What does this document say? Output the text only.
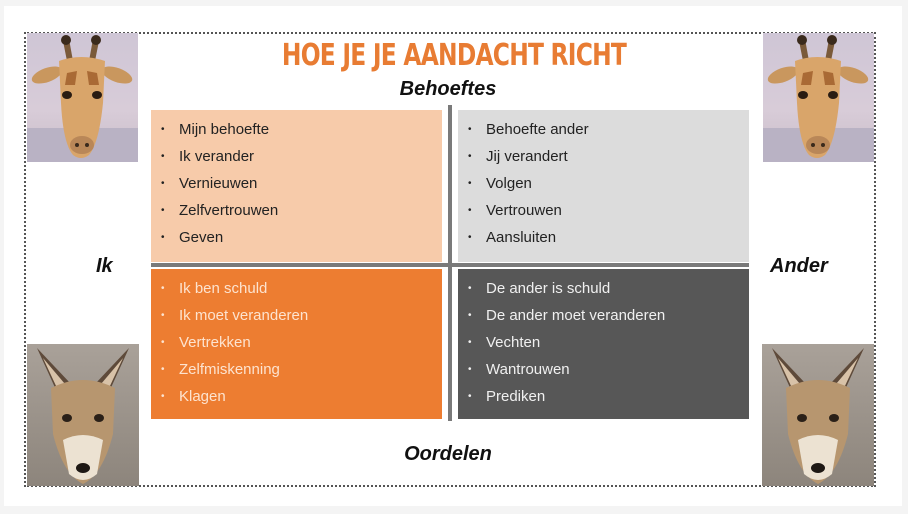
HOE JE JE AANDACHT RICHT
Behoeftes
Oordelen
Ik	Ander
• Mijn behoefte
• Ik verander
• Vernieuwen
• Zelfvertrouwen
• Geven
• Behoefte ander
• Jij verandert
• Volgen
• Vertrouwen
• Aansluiten
• Ik ben schuld
• Ik moet veranderen
• Vertrekken
• Zelfmiskenning
• Klagen
• De ander is schuld
• De ander moet veranderen
• Vechten
• Wantrouwen
• Prediken
